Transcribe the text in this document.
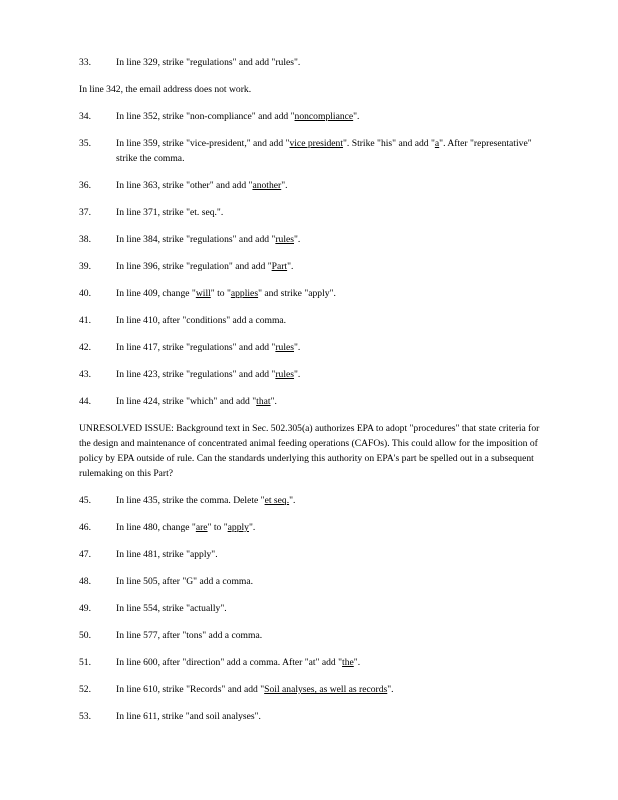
33.	In line 329, strike "regulations" and add "rules".
In line 342, the email address does not work.
34.	In line 352, strike "non-compliance" and add "noncompliance".
35.	In line 359, strike "vice-president," and add "vice president". Strike "his" and add "a". After "representative" strike the comma.
36.	In line 363, strike "other" and add "another".
37.	In line 371, strike "et. seq.".
38.	In line 384, strike "regulations" and add "rules".
39.	In line 396, strike "regulation" and add "Part".
40.	In line 409, change "will" to "applies" and strike "apply".
41.	In line 410, after "conditions" add a comma.
42.	In line 417, strike "regulations" and add "rules".
43.	In line 423, strike "regulations" and add "rules".
44.	In line 424, strike "which" and add "that".
UNRESOLVED ISSUE: Background text in Sec. 502.305(a) authorizes EPA to adopt "procedures" that state criteria for the design and maintenance of concentrated animal feeding operations (CAFOs). This could allow for the imposition of policy by EPA outside of rule. Can the standards underlying this authority on EPA's part be spelled out in a subsequent rulemaking on this Part?
45.	In line 435, strike the comma. Delete "et seq.".
46.	In line 480, change "are" to "apply".
47.	In line 481, strike "apply".
48.	In line 505, after "G" add a comma.
49.	In line 554, strike "actually".
50.	In line 577, after "tons" add a comma.
51.	In line 600, after "direction" add a comma. After "at" add "the".
52.	In line 610, strike "Records" and add "Soil analyses, as well as records".
53.	In line 611, strike "and soil analyses".
